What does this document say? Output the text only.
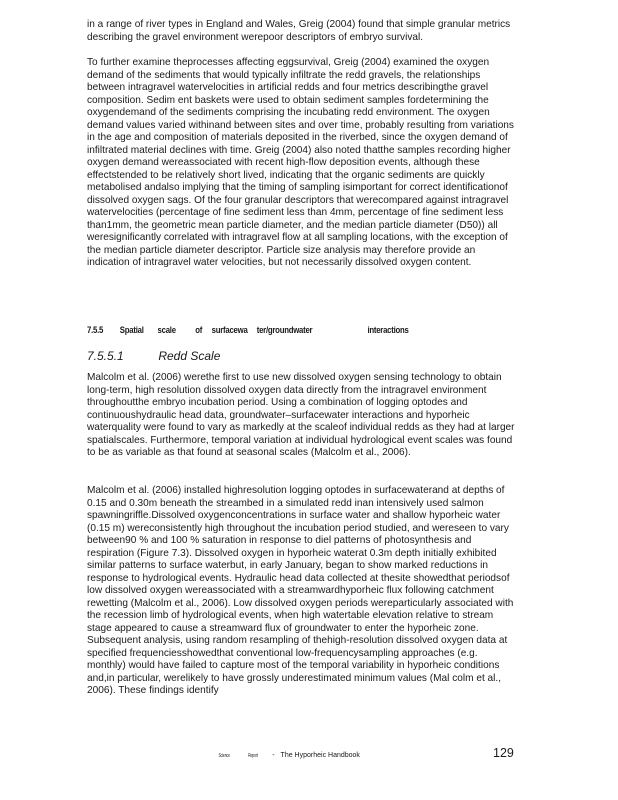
in a range of river types in England and Wales, Greig (2004) found that simple granular metrics describing the gravel environment werepoor descriptors of embryo survival.

To further examine theprocesses affecting eggsurvival, Greig (2004) examined the oxygen demand of the sediments that would typically infiltrate the redd gravels, the relationships between intragravel watervelocities in artificial redds and four metrics describingthe gravel composition. Sedim ent baskets were used to obtain sediment samples fordetermining the oxygendemand of the sediments comprising the incubating redd environment. The oxygen demand values varied withinand between sites and over time, probably resulting from variations in the age and composition of materials deposited in the riverbed, since the oxygen demand of infiltrated material declines with time. Greig (2004) also noted thatthe samples recording higher oxygen demand wereassociated with recent high-flow deposition events, although these effectstended to be relatively short lived, indicating that the organic sediments are quickly metabolised andalso implying that the timing of sampling isimportant for correct identificationof dissolved oxygen sags. Of the four granular descriptors that werecompared against intragravel watervelocities (percentage of fine sediment less than 4mm, percentage of fine sediment less than1mm, the geometric mean particle diameter, and the median particle diameter (D50)) all weresignificantly correlated with intragravel flow at all sampling locations, with the exception of the median particle diameter descriptor. Particle size analysis may therefore provide an indication of intragravel water velocities, but not necessarily dissolved oxygen content.

7.5.5	Spatial	scale	of	surfacewa ter/groundwater	interactions
7.5.5.1	Redd Scale

Malcolm et al. (2006) werethe first to use new dissolved oxygen sensing technology to obtain long-term, high resolution dissolved oxygen data directly from the intragravel environment throughoutthe embryo incubation period. Using a combination of logging optodes and continuoushydraulic head data, groundwater–surfacewater interactions and hyporheic waterquality were found to vary as markedly at the scaleof individual redds as they had at larger spatialscales. Furthermore, temporal variation at individual hydrological event scales was found to be as variable as that found at seasonal scales (Malcolm et al., 2006).

Malcolm et al. (2006) installed highresolution logging optodes in surfacewaterand at depths of 0.15 and 0.30m beneath the streambed in a simulated redd inan intensively used salmon spawningriffle.Dissolved oxygenconcentrations in surface water and shallow hyporheic water (0.15 m) wereconsistently high throughout the incubation period studied, and wereseen to vary between90 % and 100 % saturation in response to diel patterns of photosynthesis and respiration (Figure 7.3). Dissolved oxygen in hyporheic waterat 0.3m depth initially exhibited similar patterns to surface waterbut, in early January, began to show marked reductions in response to hydrological events. Hydraulic head data collected at thesite showedthat periodsof low dissolved oxygen wereassociated with a streamwardhyporheic flux following catchment rewetting (Malcolm et al., 2006). Low dissolved oxygen periods wereparticularly associated with the recession limb of hydrological events, when high watertable elevation relative to stream stage appeared to cause a streamward flux of groundwater to enter the hyporheic zone. Subsequent analysis, using random resampling of thehigh-resolution dissolved oxygen data at specified frequenciesshowedthat conventional low-frequencysampling approaches (e.g. monthly) would have failed to capture most of the temporal variability in hyporheic conditions and,in particular, werelikely to have grossly underestimated minimum values (Mal colm et al., 2006). These findings identify

Science	Report - The Hyporheic Handbook	129
